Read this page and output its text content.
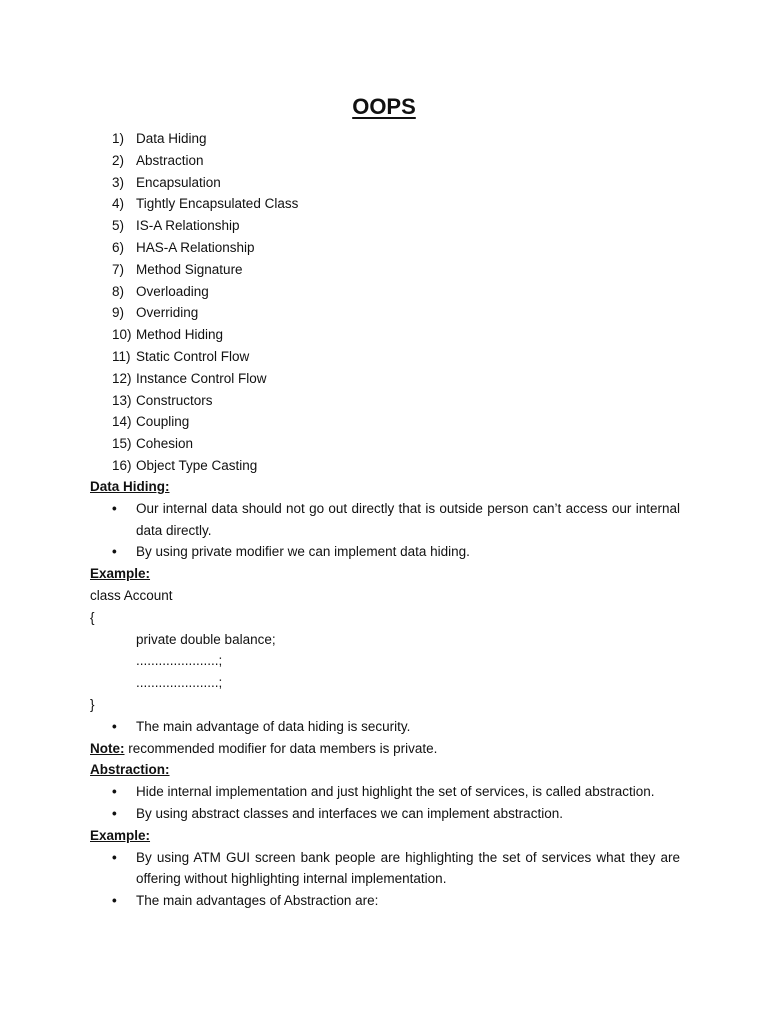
OOPS
1) Data Hiding
2) Abstraction
3) Encapsulation
4) Tightly Encapsulated Class
5) IS-A Relationship
6) HAS-A Relationship
7) Method Signature
8) Overloading
9) Overriding
10) Method Hiding
11) Static Control Flow
12) Instance Control Flow
13) Constructors
14) Coupling
15) Cohesion
16) Object Type Casting
Data Hiding:
• Our internal data should not go out directly that is outside person can’t access our internal data directly.
• By using private modifier we can implement data hiding.
Example:
class Account
{
private double balance;
......................;
......................;
}
• The main advantage of data hiding is security.
Note: recommended modifier for data members is private.
Abstraction:
• Hide internal implementation and just highlight the set of services, is called abstraction.
• By using abstract classes and interfaces we can implement abstraction.
Example:
• By using ATM GUI screen bank people are highlighting the set of services what they are offering without highlighting internal implementation.
• The main advantages of Abstraction are:
